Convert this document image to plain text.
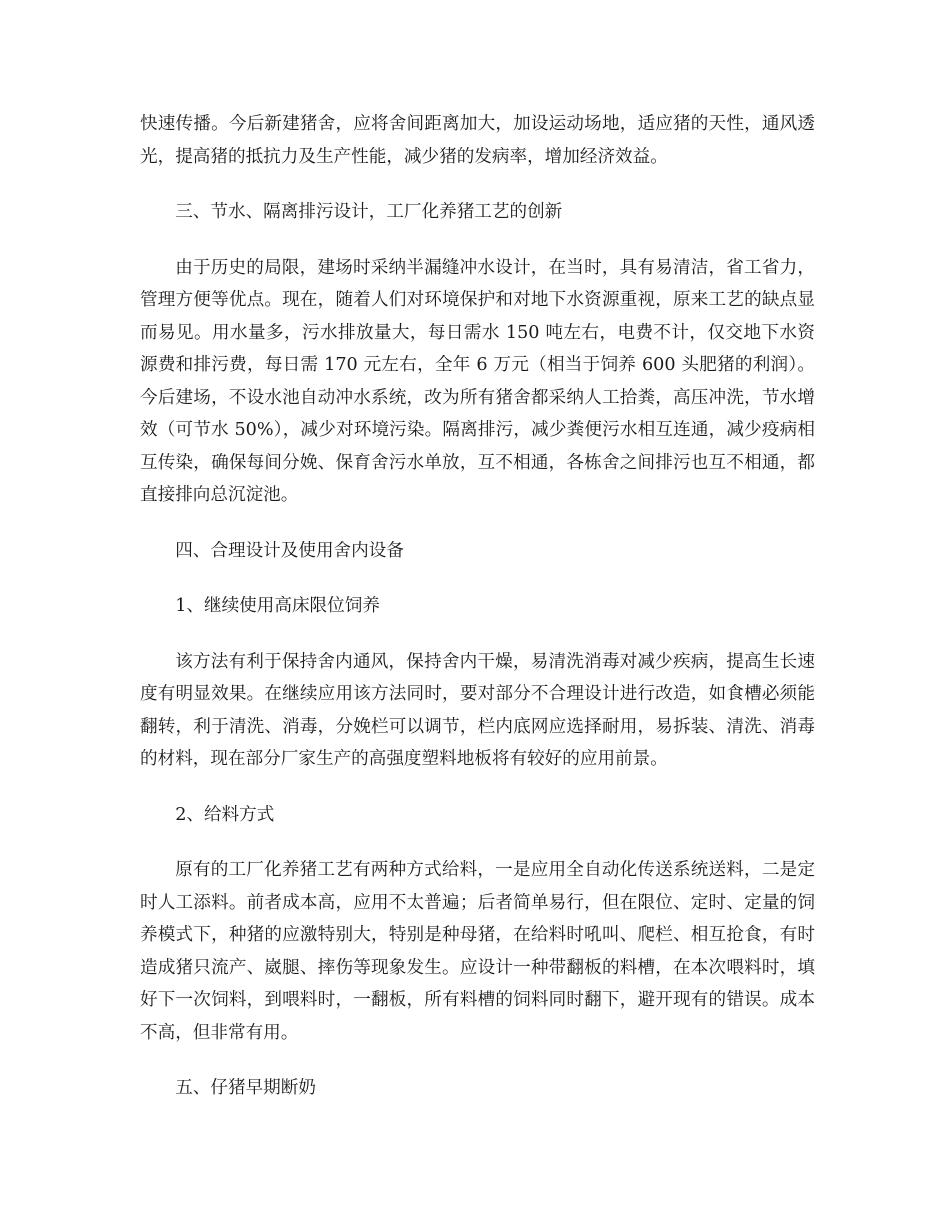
快速传播。今后新建猪舍，应将舍间距离加大，加设运动场地，适应猪的天性，通风透光，提高猪的抵抗力及生产性能，减少猪的发病率，增加经济效益。

三、节水、隔离排污设计，工厂化养猪工艺的创新

由于历史的局限，建场时采纳半漏缝冲水设计，在当时，具有易清洁，省工省力，管理方便等优点。现在，随着人们对环境保护和对地下水资源重视，原来工艺的缺点显而易见。用水量多，污水排放量大，每日需水 150 吨左右，电费不计，仅交地下水资源费和排污费，每日需 170 元左右，全年 6 万元（相当于饲养 600 头肥猪的利润）。今后建场，不设水池自动冲水系统，改为所有猪舍都采纳人工拾粪，高压冲洗，节水增效（可节水 50%），减少对环境污染。隔离排污，减少粪便污水相互连通，减少疫病相互传染，确保每间分娩、保育舍污水单放，互不相通，各栋舍之间排污也互不相通，都直接排向总沉淀池。

四、合理设计及使用舍内设备

1、继续使用高床限位饲养

该方法有利于保持舍内通风，保持舍内干燥，易清洗消毒对减少疾病，提高生长速度有明显效果。在继续应用该方法同时，要对部分不合理设计进行改造，如食槽必须能翻转，利于清洗、消毒，分娩栏可以调节，栏内底网应选择耐用，易拆装、清洗、消毒的材料，现在部分厂家生产的高强度塑料地板将有较好的应用前景。

2、给料方式

原有的工厂化养猪工艺有两种方式给料，一是应用全自动化传送系统送料，二是定时人工添料。前者成本高，应用不太普遍；后者简单易行，但在限位、定时、定量的饲养模式下，种猪的应激特别大，特别是种母猪，在给料时吼叫、爬栏、相互抢食，有时造成猪只流产、崴腿、摔伤等现象发生。应设计一种带翻板的料槽，在本次喂料时，填好下一次饲料，到喂料时，一翻板，所有料槽的饲料同时翻下，避开现有的错误。成本不高，但非常有用。

五、仔猪早期断奶
